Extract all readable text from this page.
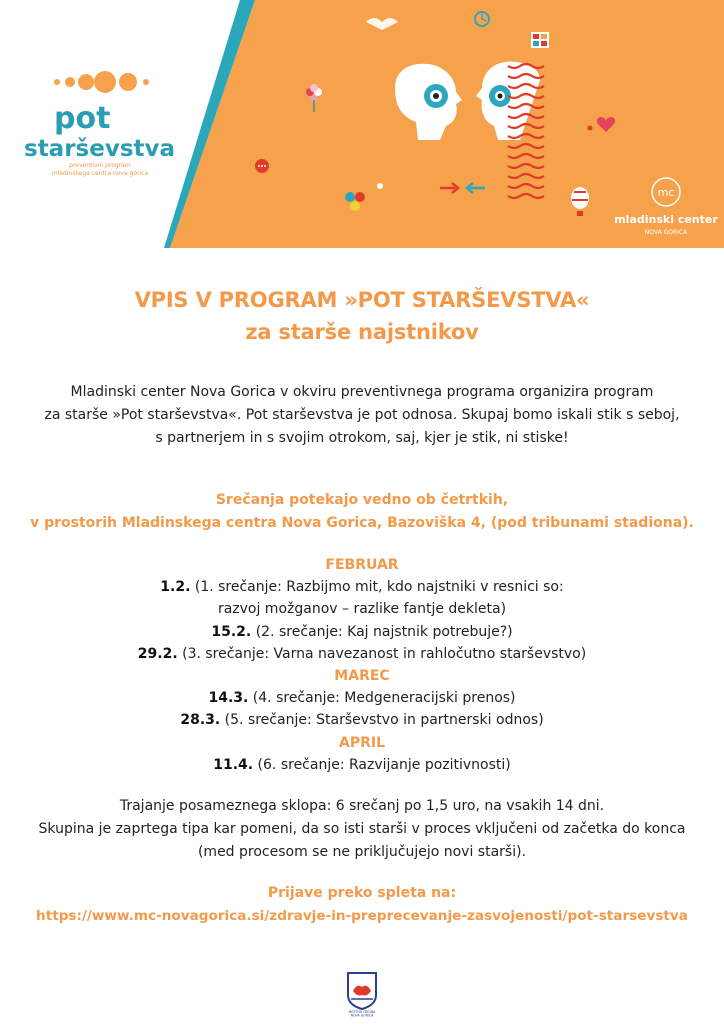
pot
starševstva
preventivni program
mladinskega centra nova gorica
mc
mladinski center
NOVA GORICA
VPIS V PROGRAM »POT STARŠEVSTVA«
za starše najstnikov
Mladinski center Nova Gorica v okviru preventivnega programa organizira program
za starše »Pot starševstva«. Pot starševstva je pot odnosa. Skupaj bomo iskali stik s seboj,
s partnerjem in s svojim otrokom, saj, kjer je stik, ni stiske!
Srečanja potekajo vedno ob četrtkih,
v prostorih Mladinskega centra Nova Gorica, Bazoviška 4, (pod tribunami stadiona).
FEBRUAR
1.2. (1. srečanje: Razbijmo mit, kdo najstniki v resnici so:
razvoj možganov – razlike fantje dekleta)
15.2. (2. srečanje: Kaj najstnik potrebuje?)
29.2. (3. srečanje: Varna navezanost in rahločutno starševstvo)
MAREC
14.3. (4. srečanje: Medgeneracijski prenos)
28.3. (5. srečanje: Starševstvo in partnerski odnos)
APRIL
11.4. (6. srečanje: Razvijanje pozitivnosti)
Trajanje posameznega sklopa: 6 srečanj po 1,5 uro, na vsakih 14 dni.
Skupina je zaprtega tipa kar pomeni, da so isti starši v proces vključeni od začetka do konca
(med procesom se ne priključujejo novi starši).
Prijave preko spleta na:
https://www.mc-novagorica.si/zdravje-in-preprecevanje-zasvojenosti/pot-starsevstva
MESTNA OBČINA
NOVA GORICA
